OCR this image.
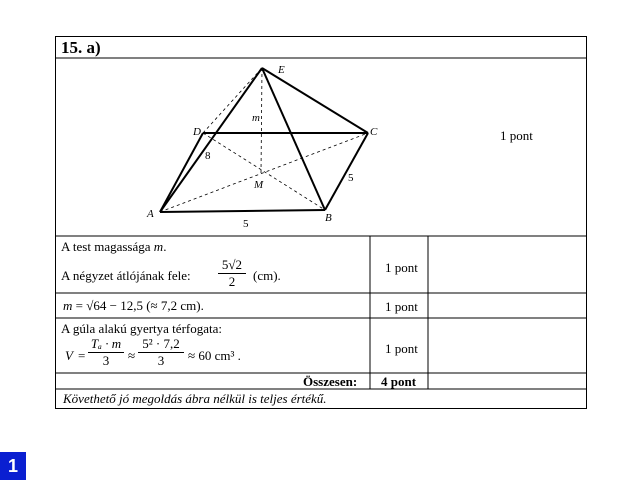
15. a)
A	B
C
D
E
M
m
8
5
5
1 pont
A test magassága m.
A négyzet átlójának fele: $\frac{5√2}{2} (cm)$.
1 pont
m = √64 − 12,5 (≈ 7,2 cm).	1 pont
A gúla alakú gyertya térfogata:
$V = \frac{\text{Tₐ · m}}{3} \approx \frac{\text{5² · 7,2}}{3} \approx 60$ cm³ .	1 pont
Összesen: 4 pont
Követhető jó megoldás ábra nélkül is teljes értékű.
1
